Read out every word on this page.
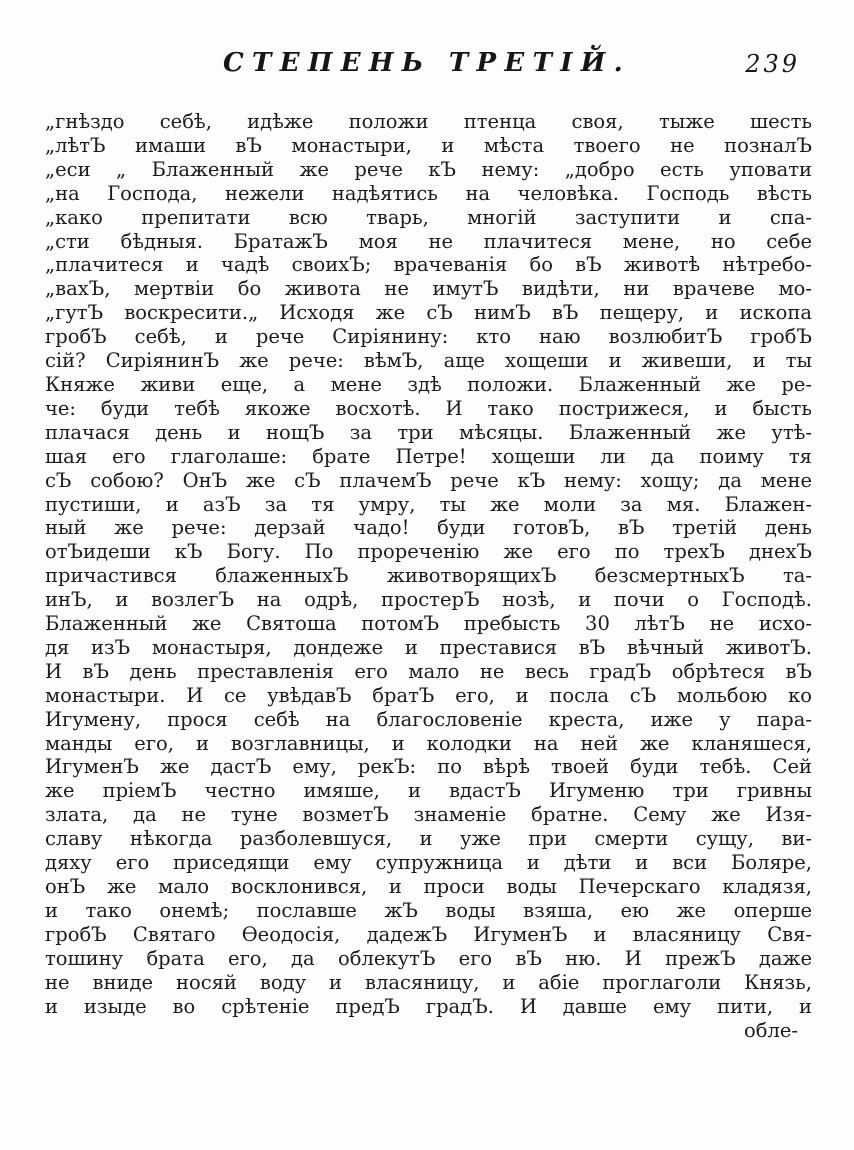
СТЕПЕНЬ ТРЕТІЙ.	239
„гнѣздо себѣ, идѣже положи птенца своя, тыже шесть
„лѣтЪ имаши вЪ монастыри, и мѣста твоего не позналЪ
„еси „ Блаженный же рече кЪ нему: „добро есть уповати
„на Господа, нежели надѣятись на человѣка. Господь вѣсть
„како препитати всю тварь, многій заступити и спа-
„сти бѣдныя. БратажЪ моя не плачитеся мене, но себе
„плачитеся и чадѣ своихЪ; врачеванія бо вЪ животѣ нѣтребо-
„вахЪ, мертвіи бо живота не имутЪ видѣти, ни врачеве мо-
„гутЪ воскресити.„ Исходя же сЪ нимЪ вЪ пещеру, и ископа
гробЪ себѣ, и рече Сиріянину: кто наю возлюбитЪ гробЪ
сій? СиріянинЪ же рече: вѣмЪ, аще хощеши и живеши, и ты
Княже живи еще, а мене здѣ положи. Блаженный же ре-
че: буди тебѣ якоже восхотѣ. И тако пострижеся, и бысть
плачася день и нощЪ за три мѣсяцы. Блаженный же утѣ-
шая его глаголаше: брате Петре! хощеши ли да поиму тя
сЪ собою? ОнЪ же сЪ плачемЪ рече кЪ нему: хощу; да мене
пустиши, и азЪ за тя умру, ты же моли за мя. Блажен-
ный же рече: дерзай чадо! буди готовЪ, вЪ третій день
отЪидеши кЪ Богу. По прореченію же его по трехЪ днехЪ
причастився блаженныхЪ животворящихЪ безсмертныхЪ та-
инЪ, и возлегЪ на одрѣ, простерЪ нозѣ, и почи о Господѣ.
Блаженный же Святоша потомЪ пребысть 30 лѣтЪ не исхо-
дя изЪ монастыря, дондеже и преставися вЪ вѣчный животЪ.
И вЪ день преставленія его мало не весь градЪ обрѣтеся вЪ
монастыри. И се увѣдавЪ братЪ его, и посла сЪ мольбою ко
Игумену, прося себѣ на благословеніе креста, иже у пара-
манды его, и возглавницы, и колодки на ней же кланяшеся,
ИгуменЪ же дастЪ ему, рекЪ: по вѣрѣ твоей буди тебѣ. Сей
же пріемЪ честно имяше, и вдастЪ Игуменю три гривны
злата, да не туне возметЪ знаменіе братне. Сему же Изя-
славу нѣкогда разболевшуся, и уже при смерти сущу, ви-
дяху его приседящи ему супружница и дѣти и вси Боляре,
онЪ же мало восклонився, и проси воды Печерскаго кладязя,
и тако онемѣ; пославше жЪ воды взяша, ею же оперше
гробЪ Святаго Ѳеодосія, дадежЪ ИгуменЪ и власяницу Свя-
тошину брата его, да облекутЪ его вЪ ню. И прежЪ даже
не вниде носяй воду и власяницу, и абіе проглаголи Князь,
и изыде во срѣтеніе предЪ градЪ. И давше ему пити, и
обле-
